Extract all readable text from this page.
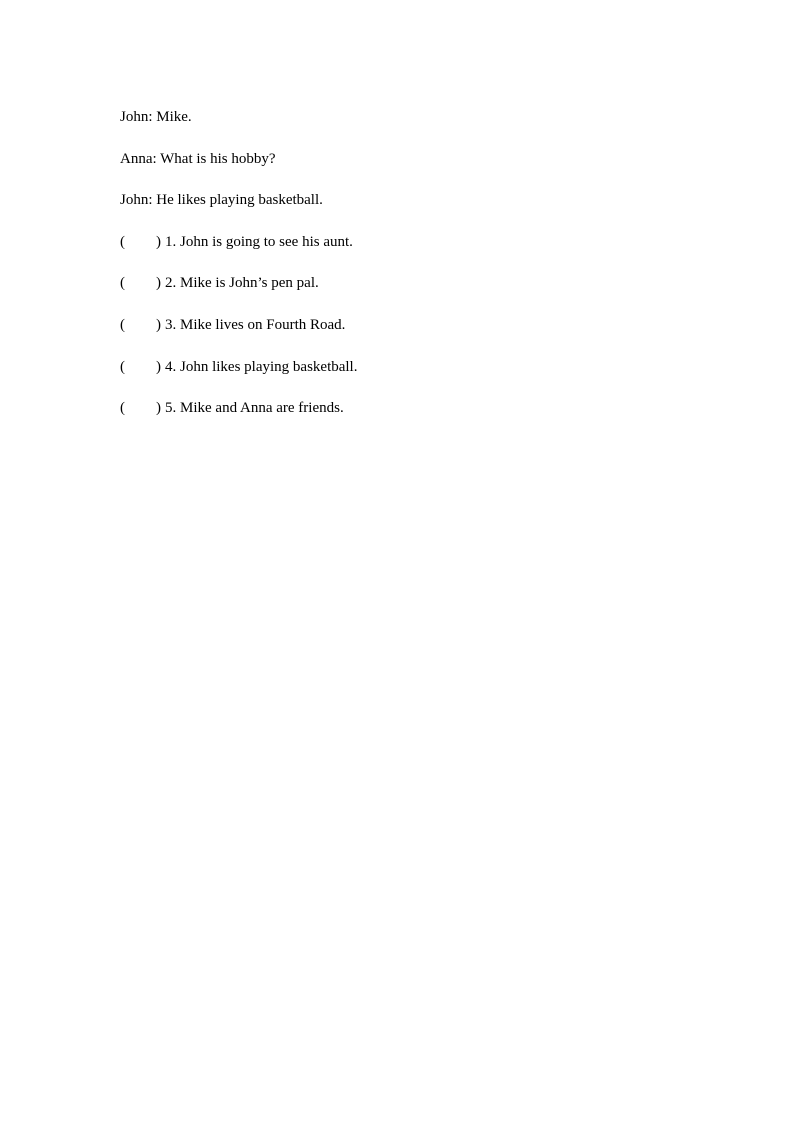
John: Mike.
Anna: What is his hobby?
John: He likes playing basketball.
(	) 1. John is going to see his aunt.
(	) 2. Mike is John’s pen pal.
(	) 3. Mike lives on Fourth Road.
(	) 4. John likes playing basketball.
(	) 5. Mike and Anna are friends.
